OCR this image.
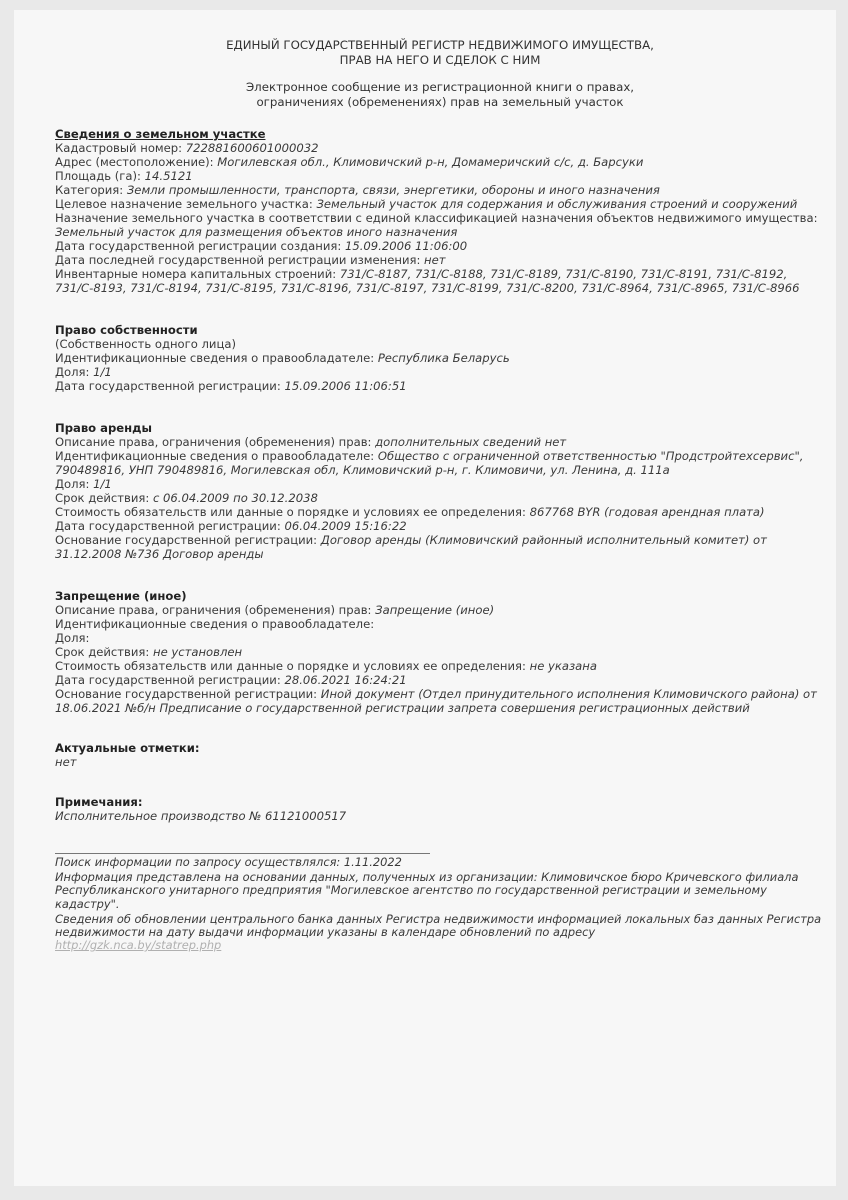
ЕДИНЫЙ ГОСУДАРСТВЕННЫЙ РЕГИСТР НЕДВИЖИМОГО ИМУЩЕСТВА,
ПРАВ НА НЕГО И СДЕЛОК С НИМ
Электронное сообщение из регистрационной книги о правах,
ограничениях (обременениях) прав на земельный участок
Сведения о земельном участке
Кадастровый номер: 722881600601000032
Адрес (местоположение): Могилевская обл., Климовичский р-н, Домамеричский с/с, д. Барсуки
Площадь (га): 14.5121
Категория: Земли промышленности, транспорта, связи, энергетики, обороны и иного назначения
Целевое назначение земельного участка: Земельный участок для содержания и обслуживания строений и сооружений
Назначение земельного участка в соответствии с единой классификацией назначения объектов недвижимого имущества:
Земельный участок для размещения объектов иного назначения
Дата государственной регистрации создания: 15.09.2006 11:06:00
Дата последней государственной регистрации изменения: нет
Инвентарные номера капитальных строений: 731/C-8187, 731/C-8188, 731/C-8189, 731/C-8190, 731/C-8191, 731/C-8192, 731/C-8193, 731/C-8194, 731/C-8195, 731/C-8196, 731/C-8197, 731/C-8199, 731/C-8200, 731/C-8964, 731/C-8965, 731/C-8966
Право собственности
(Собственность одного лица)
Идентификационные сведения о правообладателе: Республика Беларусь
Доля: 1/1
Дата государственной регистрации: 15.09.2006 11:06:51
Право аренды
Описание права, ограничения (обременения) прав: дополнительных сведений нет
Идентификационные сведения о правообладателе: Общество с ограниченной ответственностью "Продстройтехсервис", 790489816, УНП 790489816, Могилевская обл, Климовичский р-н, г. Климовичи, ул. Ленина, д. 111а
Доля: 1/1
Срок действия: с 06.04.2009 по 30.12.2038
Стоимость обязательств или данные о порядке и условиях ее определения: 867768 BYR (годовая арендная плата)
Дата государственной регистрации: 06.04.2009 15:16:22
Основание государственной регистрации: Договор аренды (Климовичский районный исполнительный комитет) от 31.12.2008 №736 Договор аренды
Запрещение (иное)
Описание права, ограничения (обременения) прав: Запрещение (иное)
Идентификационные сведения о правообладателе:
Доля:
Срок действия: не установлен
Стоимость обязательств или данные о порядке и условиях ее определения: не указана
Дата государственной регистрации: 28.06.2021 16:24:21
Основание государственной регистрации: Иной документ (Отдел принудительного исполнения Климовичского района) от 18.06.2021 №б/н Предписание о государственной регистрации запрета совершения регистрационных действий
Актуальные отметки:
нет
Примечания:
Исполнительное производство № 61121000517
Поиск информации по запросу осуществлялся: 1.11.2022
Информация представлена на основании данных, полученных из организации: Климовичское бюро Кричевского филиала Республиканского унитарного предприятия "Могилевское агентство по государственной регистрации и земельному кадастру".
Сведения об обновлении центрального банка данных Регистра недвижимости информацией локальных баз данных Регистра недвижимости на дату выдачи информации указаны в календаре обновлений по адресу
http://gzk.nca.by/statrep.php
